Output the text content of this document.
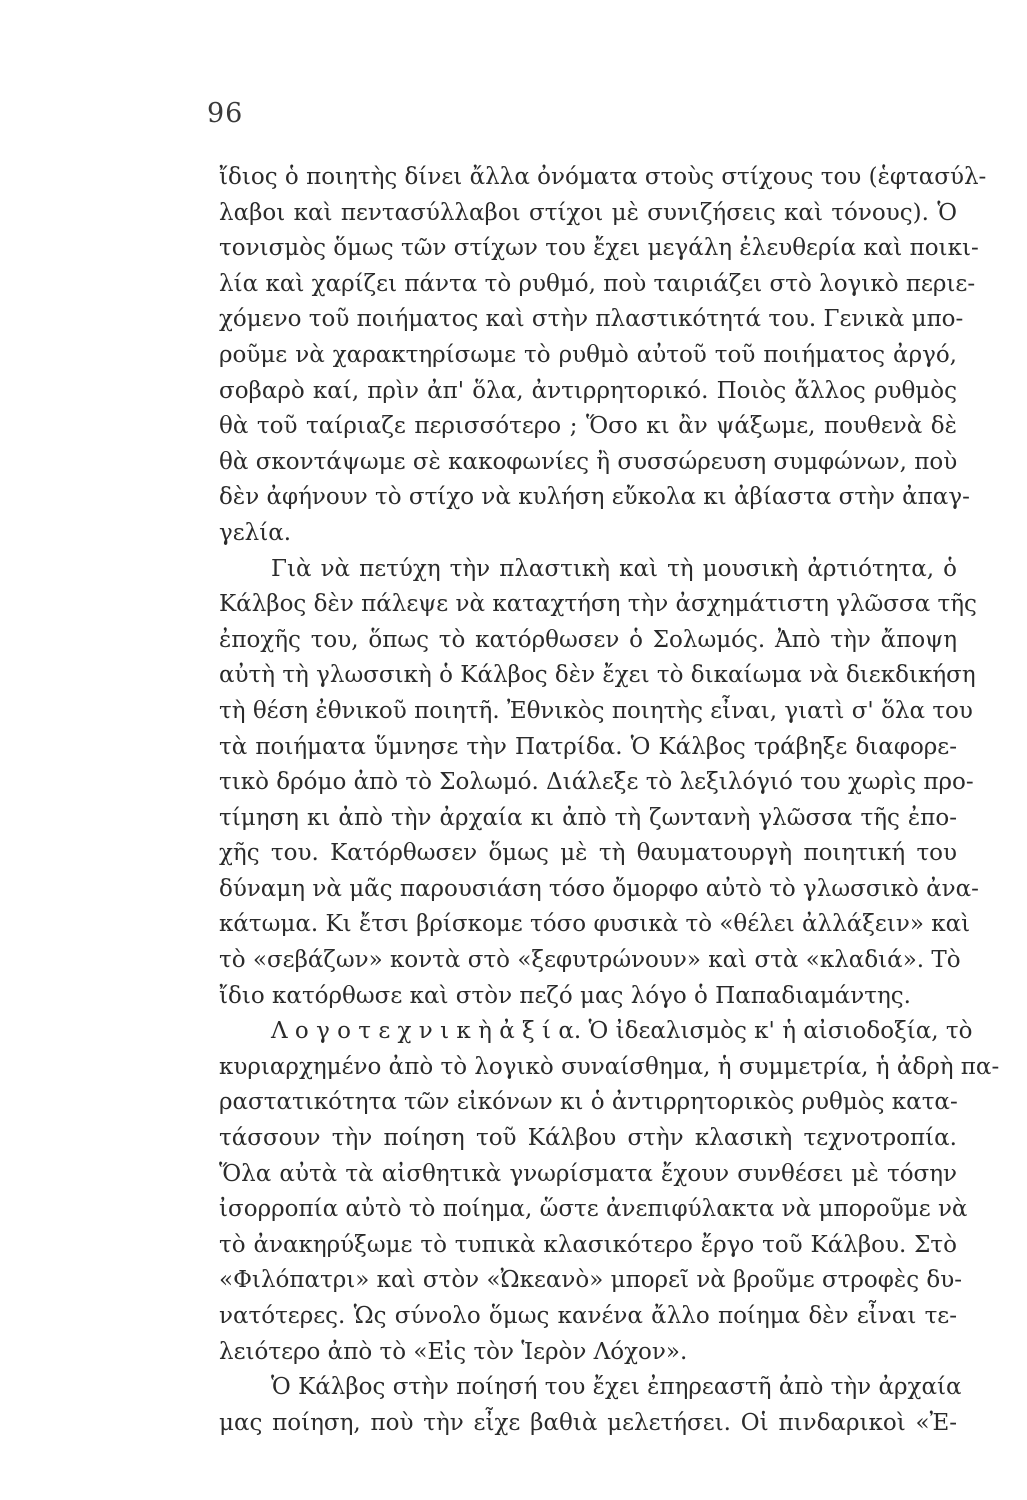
96
ἴδιος ὁ ποιητὴς δίνει ἄλλα ὀνόματα στοὺς στίχους του (ἑφτασύλ-
λαβοι καὶ πεντασύλλαβοι στίχοι μὲ συνιζήσεις καὶ τόνους). Ὁ
τονισμὸς ὅμως τῶν στίχων του ἔχει μεγάλη ἐλευθερία καὶ ποικι-
λία καὶ χαρίζει πάντα τὸ ρυθμό, ποὺ ταιριάζει στὸ λογικὸ περιε-
χόμενο τοῦ ποιήματος καὶ στὴν πλαστικότητά του. Γενικὰ μπο-
ροῦμε νὰ χαρακτηρίσωμε τὸ ρυθμὸ αὐτοῦ τοῦ ποιήματος ἀργό,
σοβαρὸ καί, πρὶν ἀπ' ὅλα, ἀντιρρητορικό. Ποιὸς ἄλλος ρυθμὸς
θὰ τοῦ ταίριαζε περισσότερο ; Ὅσο κι ἂν ψάξωμε, πουθενὰ δὲ
θὰ σκοντάψωμε σὲ κακοφωνίες ἢ συσσώρευση συμφώνων, ποὺ
δὲν ἀφήνουν τὸ στίχο νὰ κυλήση εὔκολα κι ἀβίαστα στὴν ἀπαγ-
γελία.
Γιὰ νὰ πετύχη τὴν πλαστικὴ καὶ τὴ μουσικὴ ἀρτιότητα, ὁ
Κάλβος δὲν πάλεψε νὰ καταχτήση τὴν ἀσχημάτιστη γλῶσσα τῆς
ἐποχῆς του, ὅπως τὸ κατόρθωσεν ὁ Σολωμός. Ἀπὸ τὴν ἄποψη
αὐτὴ τὴ γλωσσικὴ ὁ Κάλβος δὲν ἔχει τὸ δικαίωμα νὰ διεκδικήση
τὴ θέση ἐθνικοῦ ποιητῆ. Ἐθνικὸς ποιητὴς εἶναι, γιατὶ σ' ὅλα του
τὰ ποιήματα ὕμνησε τὴν Πατρίδα. Ὁ Κάλβος τράβηξε διαφορε-
τικὸ δρόμο ἀπὸ τὸ Σολωμό. Διάλεξε τὸ λεξιλόγιό του χωρὶς προ-
τίμηση κι ἀπὸ τὴν ἀρχαία κι ἀπὸ τὴ ζωντανὴ γλῶσσα τῆς ἐπο-
χῆς του. Κατόρθωσεν ὅμως μὲ τὴ θαυματουργὴ ποιητική του
δύναμη νὰ μᾶς παρουσιάση τόσο ὄμορφο αὐτὸ τὸ γλωσσικὸ ἀνα-
κάτωμα. Κι ἔτσι βρίσκομε τόσο φυσικὰ τὸ «θέλει ἀλλάξειν» καὶ
τὸ «σεβάζων» κοντὰ στὸ «ξεφυτρώνουν» καὶ στὰ «κλαδιά». Τὸ
ἴδιο κατόρθωσε καὶ στὸν πεζό μας λόγο ὁ Παπαδιαμάντης.
Λ ο γ ο τ ε χ ν ι κ ὴ ἀ ξ ί α. Ὁ ἰδεαλισμὸς κ' ἡ αἰσιοδοξία, τὸ
κυριαρχημένο ἀπὸ τὸ λογικὸ συναίσθημα, ἡ συμμετρία, ἡ ἀδρὴ πα-
ραστατικότητα τῶν εἰκόνων κι ὁ ἀντιρρητορικὸς ρυθμὸς κατα-
τάσσουν τὴν ποίηση τοῦ Κάλβου στὴν κλασικὴ τεχνοτροπία.
Ὅλα αὐτὰ τὰ αἰσθητικὰ γνωρίσματα ἔχουν συνθέσει μὲ τόσην
ἰσορροπία αὐτὸ τὸ ποίημα, ὥστε ἀνεπιφύλακτα νὰ μποροῦμε νὰ
τὸ ἀνακηρύξωμε τὸ τυπικὰ κλασικότερο ἔργο τοῦ Κάλβου. Στὸ
«Φιλόπατρι» καὶ στὸν «Ὠκεανὸ» μπορεῖ νὰ βροῦμε στροφὲς δυ-
νατότερες. Ὡς σύνολο ὅμως κανένα ἄλλο ποίημα δὲν εἶναι τε-
λειότερο ἀπὸ τὸ «Εἰς τὸν Ἱερὸν Λόχον».
Ὁ Κάλβος στὴν ποίησή του ἔχει ἐπηρεαστῆ ἀπὸ τὴν ἀρχαία
μας ποίηση, ποὺ τὴν εἶχε βαθιὰ μελετήσει. Οἱ πινδαρικοὶ «Ἐ-
